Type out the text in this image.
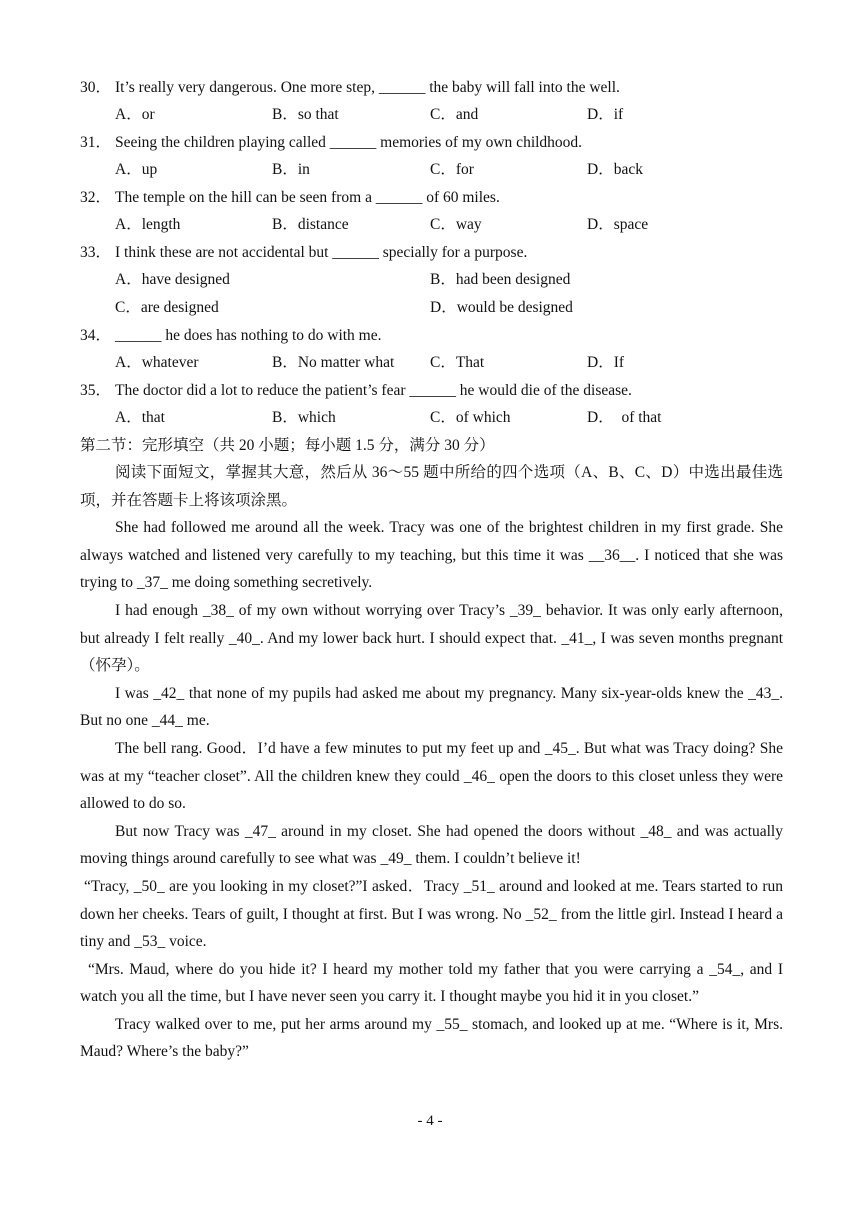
30． It’s really very dangerous. One more step, ______ the baby will fall into the well.
A．or	B．so that	C．and	D．if
31． Seeing the children playing called ______ memories of my own childhood.
A．up	B．in	C．for	D．back
32． The temple on the hill can be seen from a ______ of 60 miles.
A．length	B．distance	C．way	D．space
33． I think these are not accidental but ______ specially for a purpose.
A．have designed	B．had been designed
C．are designed	D．would be designed
34． ______ he does has nothing to do with me.
A．whatever	B．No matter what C．That	D．If
35． The doctor did a lot to reduce the patient’s fear ______ he would die of the disease.
A．that	B．which	C．of which	D．  of that
第二节：完形填空（共 20 小题；每小题 1.5 分，满分 30 分）

阅读下面短文，掌握其大意，然后从 36～55 题中所给的四个选项（A、B、C、D）中选出最佳选项，并在答题卡上将该项涂黑。

She had followed me around all the week. Tracy was one of the brightest children in my first grade. She always watched and listened very carefully to my teaching, but this time it was __36__. I noticed that she was trying to _37_ me doing something secretively.

I had enough _38_ of my own without worrying over Tracy’s _39_ behavior. It was only early afternoon, but already I felt really _40_. And my lower back hurt. I should expect that. _41_, I was seven months pregnant （怀孕）。

I was _42_ that none of my pupils had asked me about my pregnancy. Many six-year-olds knew the _43_. But no one _44_ me.

The bell rang. Good．I’d have a few minutes to put my feet up and _45_. But what was Tracy doing? She was at my “teacher closet”. All the children knew they could _46_ open the doors to this closet unless they were allowed to do so.

But now Tracy was _47_ around in my closet. She had opened the doors without _48_ and was actually moving things around carefully to see what was _49_ them. I couldn’t believe it!

“Tracy, _50_ are you looking in my closet?”I asked．Tracy _51_ around and looked at me. Tears started to run down her cheeks. Tears of guilt, I thought at first. But I was wrong. No _52_ from the little girl. Instead I heard a tiny and _53_ voice.

“Mrs. Maud, where do you hide it? I heard my mother told my father that you were carrying a _54_, and I watch you all the time, but I have never seen you carry it. I thought maybe you hid it in you closet.”

Tracy walked over to me, put her arms around my _55_ stomach, and looked up at me. “Where is it, Mrs. Maud? Where’s the baby?”

- 4 -
